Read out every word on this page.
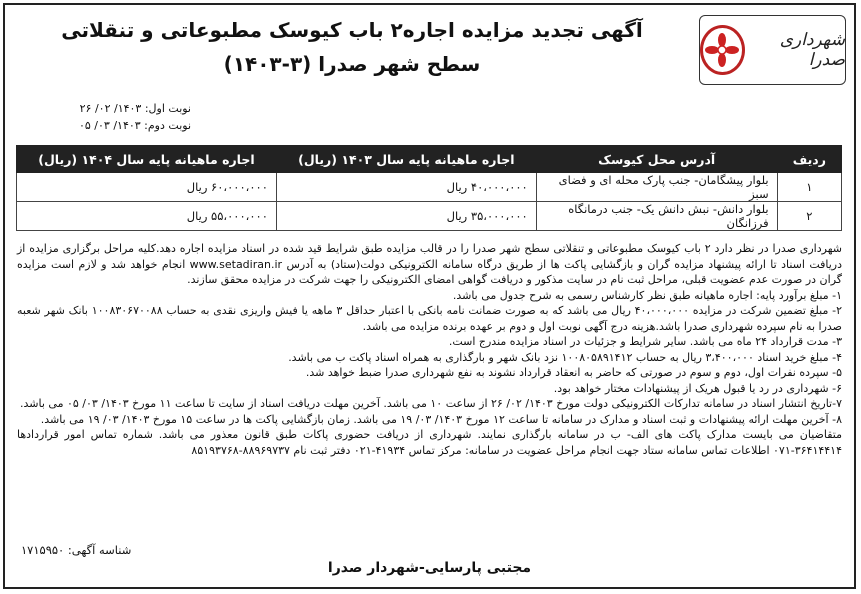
شهرداری صدرا
آگهی تجدید مزایده اجاره۲ باب کیوسک مطبوعاتی و تنقلاتی
سطح شهر صدرا (۳-۱۴۰۳)
نوبت اول: ۱۴۰۳/ ۰۲/ ۲۶
نوبت دوم: ۱۴۰۳/ ۰۳/ ۰۵
ردیف	آدرس محل کیوسک	اجاره ماهیانه پایه سال ۱۴۰۳ (ریال)	اجاره ماهیانه پایه سال ۱۴۰۴ (ریال)
۱	بلوار پیشگامان- جنب پارک محله ای و فضای سبز	۴۰،۰۰۰،۰۰۰ ریال	۶۰،۰۰۰،۰۰۰ ریال
۲	بلوار دانش- نبش دانش یک- جنب درمانگاه فرزانگان	۳۵،۰۰۰،۰۰۰ ریال	۵۵،۰۰۰،۰۰۰ ریال

شهرداری صدرا در نظر دارد ۲ باب کیوسک مطبوعاتی و تنقلاتی سطح شهر صدرا را در قالب مزایده طبق شرایط قید شده در اسناد مزایده اجاره دهد.کلیه مراحل برگزاری مزایده از دریافت اسناد تا ارائه پیشنهاد مزایده گران و بازگشایی پاکت ها از طریق درگاه سامانه الکترونیکی دولت(ستاد) به آدرس www.setadiran.ir انجام خواهد شد و لازم است مزایده گران در صورت عدم عضویت قبلی، مراحل ثبت نام در سایت مذکور و دریافت گواهی امضای الکترونیکی را جهت شرکت در مزایده محقق سازند.

۱- مبلغ برآورد پایه: اجاره ماهیانه طبق نظر کارشناس رسمی به شرح جدول می باشد.

۲- مبلغ تضمین شرکت در مزایده ۴۰،۰۰۰،۰۰۰ ریال می باشد که به صورت ضمانت نامه بانکی با اعتبار حداقل ۳ ماهه یا فیش واریزی نقدی به حساب ۱۰۰۸۳۰۶۷۰۰۸۸ بانک شهر شعبه صدرا به نام سپرده شهرداری صدرا باشد.هزینه درج آگهی نوبت اول و دوم بر عهده برنده مزایده می باشد.

۳- مدت قرارداد ۲۴ ماه می باشد. سایر شرایط و جزئیات در اسناد مزایده مندرج است.

۴- مبلغ خرید اسناد ۳،۴۰۰،۰۰۰ ریال به حساب ۱۰۰۸۰۵۸۹۱۴۱۲ نزد بانک شهر و بارگذاری به همراه اسناد پاکت ب می باشد.

۵- سپرده نفرات اول، دوم و سوم در صورتی که حاضر به انعقاد قرارداد نشوند به نفع شهرداری صدرا ضبط خواهد شد.

۶- شهرداری در رد یا قبول هریک از پیشنهادات مختار خواهد بود.

۷-تاریخ انتشار اسناد در سامانه تدارکات الکترونیکی دولت مورخ ۱۴۰۳/ ۰۲/ ۲۶ از ساعت ۱۰ می باشد. آخرین مهلت دریافت اسناد از سایت تا ساعت ۱۱ مورخ ۱۴۰۳/ ۰۳/ ۰۵ می باشد.

۸- آخرین مهلت ارائه پیشنهادات و ثبت اسناد و مدارک در سامانه تا ساعت ۱۲ مورخ ۱۴۰۳/ ۰۳/ ۱۹ می باشد. زمان بازگشایی پاکت ها در ساعت ۱۵ مورخ ۱۴۰۳/ ۰۳/ ۱۹ می باشد.

متقاضیان می بایست مدارک پاکت های الف- ب در سامانه بارگذاری نمایند. شهرداری از دریافت حضوری پاکات طبق قانون معذور می باشد. شماره تماس امور قراردادها ۳۶۴۱۴۴۱۴-۰۷۱ اطلاعات تماس سامانه ستاد جهت انجام مراحل عضویت در سامانه: مرکز تماس ۴۱۹۳۴-۰۲۱ دفتر ثبت نام ۸۸۹۶۹۷۳۷-۸۵۱۹۳۷۶۸

شناسه آگهی: ۱۷۱۵۹۵۰
مجتبی پارسایی-شهردار صدرا
